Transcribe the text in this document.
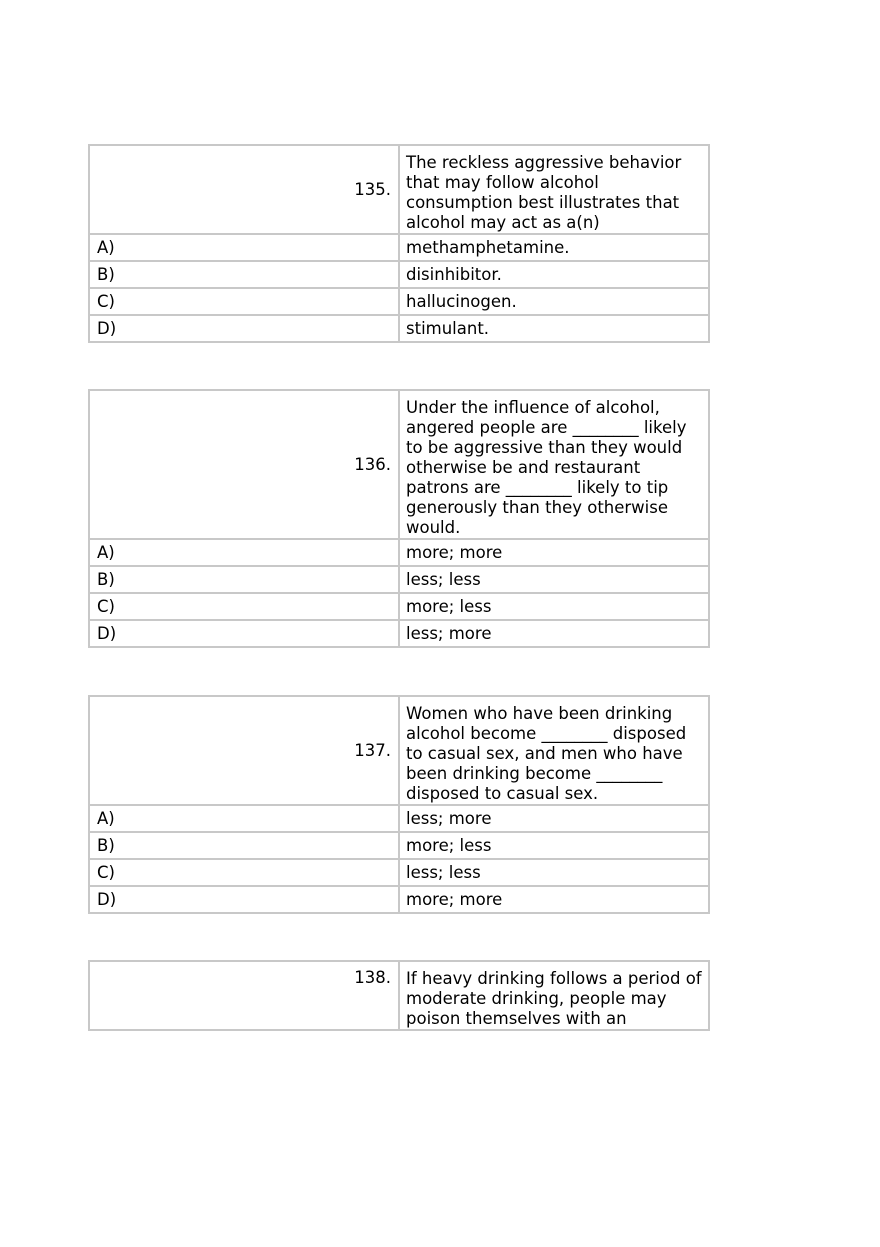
135.	The reckless aggressive behavior that may follow alcohol consumption best illustrates that alcohol may act as a(n)
A)	methamphetamine.
B)	disinhibitor.
C)	hallucinogen.
D)	stimulant.
136.	Under the influence of alcohol, angered people are ________ likely to be aggressive than they would otherwise be and restaurant patrons are ________ likely to tip generously than they otherwise would.
A)	more; more
B)	less; less
C)	more; less
D)	less; more
137.	Women who have been drinking alcohol become ________ disposed to casual sex, and men who have been drinking become ________ disposed to casual sex.
A)	less; more
B)	more; less
C)	less; less
D)	more; more
138.	If heavy drinking follows a period of moderate drinking, people may poison themselves with an
